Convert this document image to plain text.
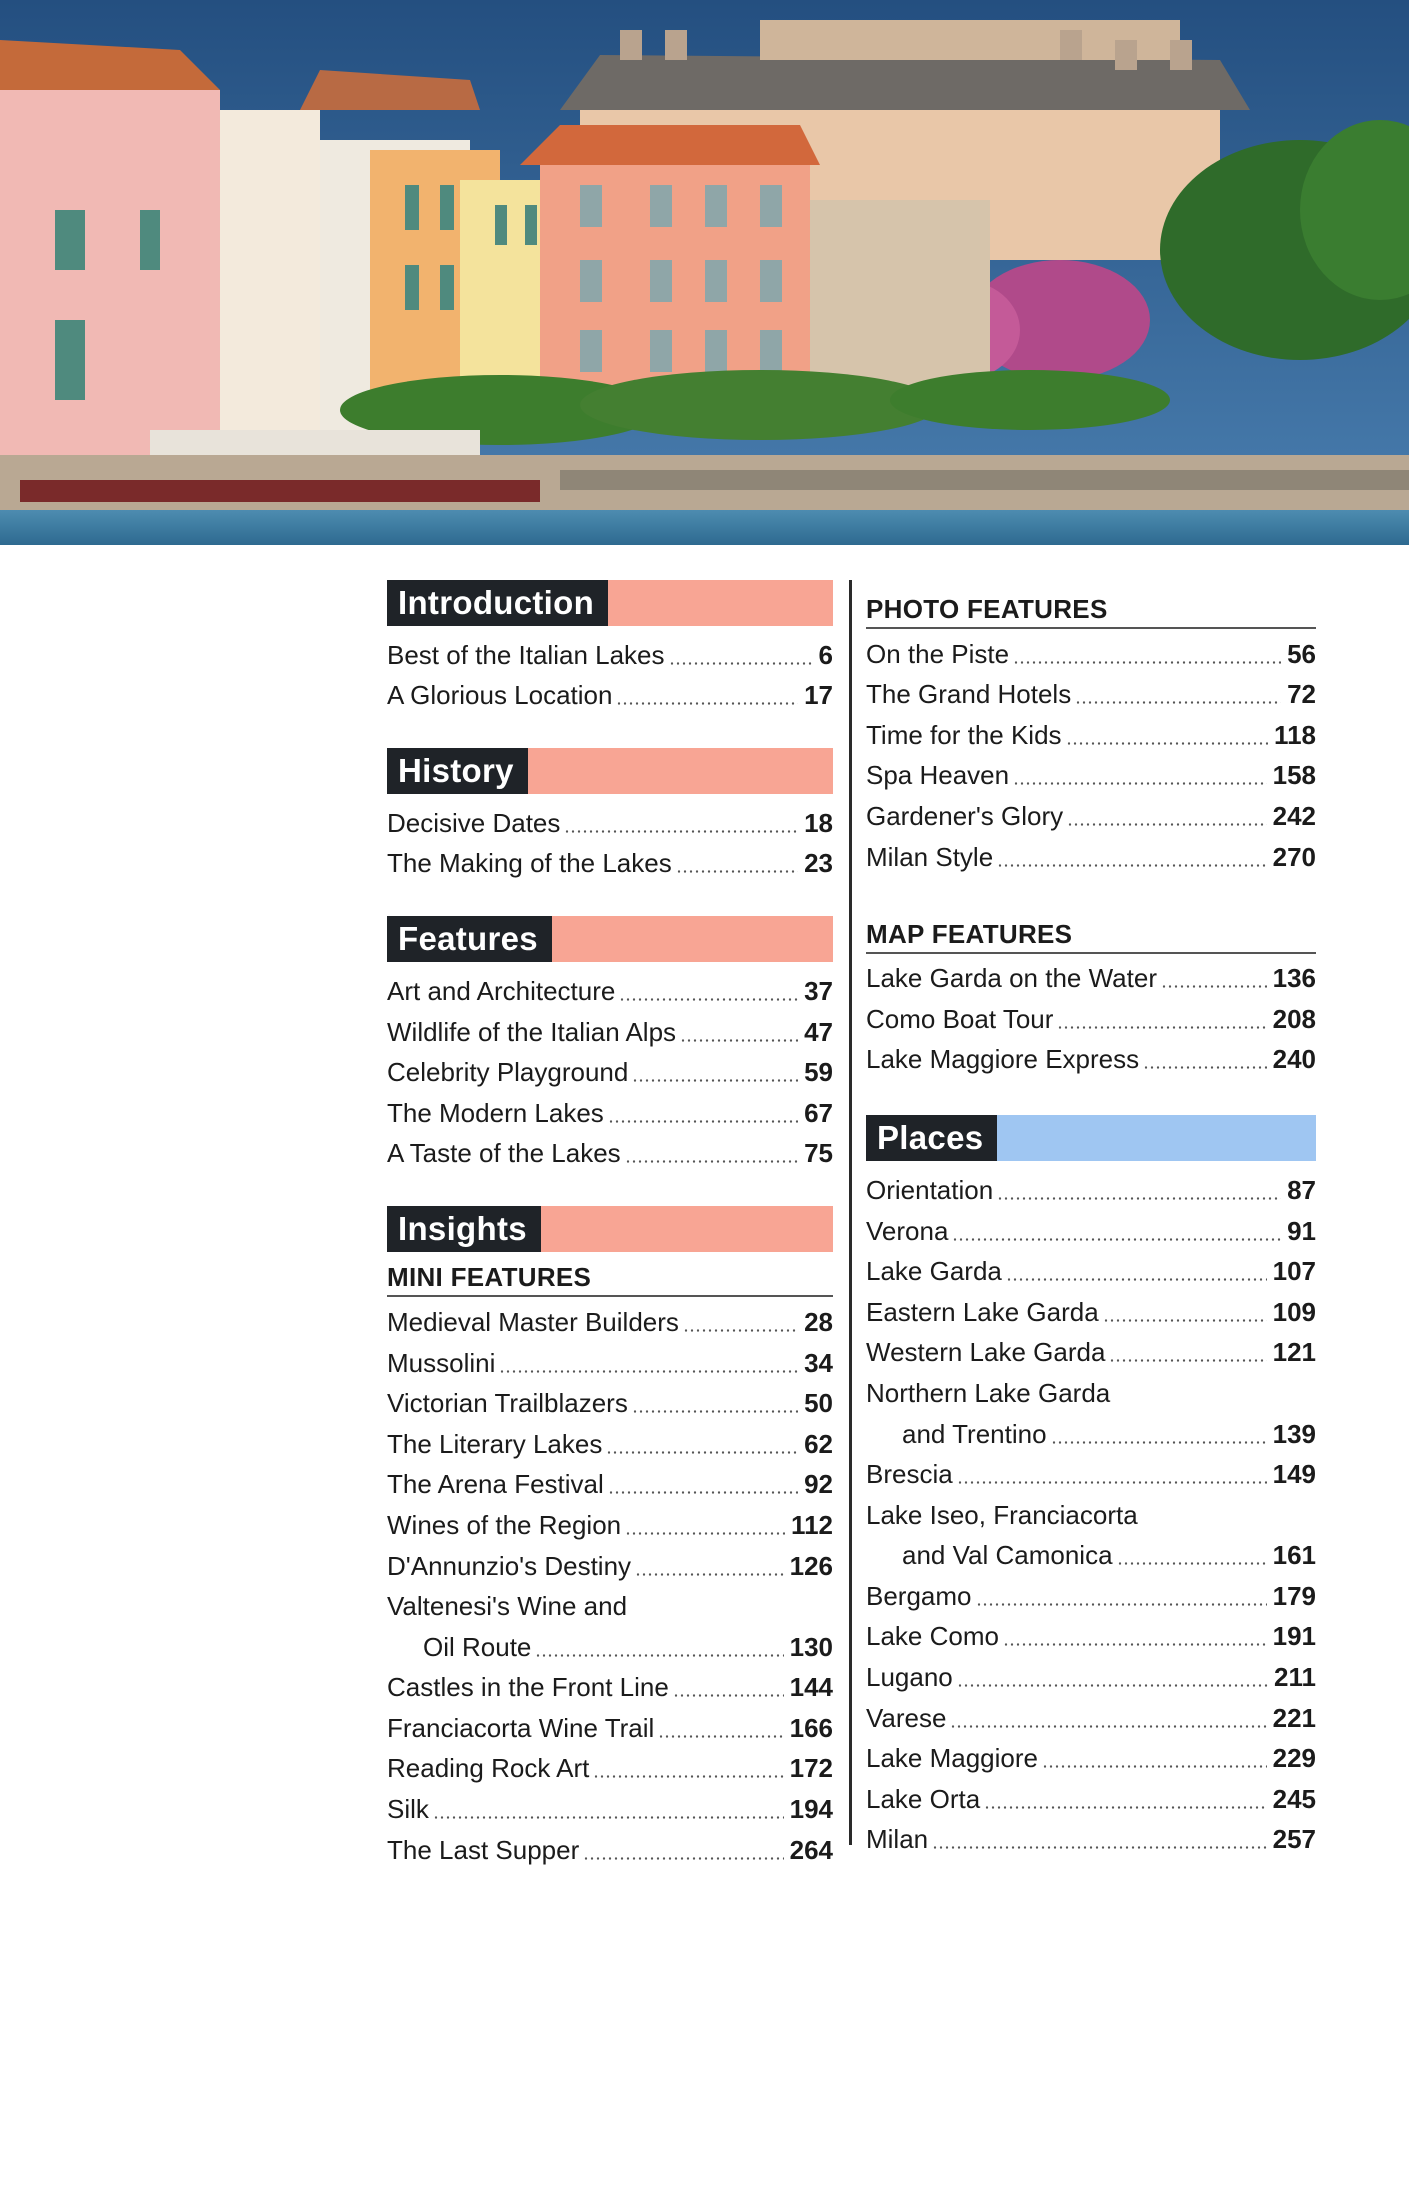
Introduction
Best of the Italian Lakes	6
A Glorious Location	17
History
Decisive Dates	18
The Making of the Lakes	23
Features
Art and Architecture	37
Wildlife of the Italian Alps	47
Celebrity Playground	59
The Modern Lakes	67
A Taste of the Lakes	75
Insights
MINI FEATURES
Medieval Master Builders	28
Mussolini	34
Victorian Trailblazers	50
The Literary Lakes	62
The Arena Festival	92
Wines of the Region	112
D'Annunzio's Destiny	126
Valtenesi's Wine and
Oil Route	130
Castles in the Front Line	144
Franciacorta Wine Trail	166
Reading Rock Art	172
Silk	194
The Last Supper	264
PHOTO FEATURES
On the Piste	56
The Grand Hotels	72
Time for the Kids	118
Spa Heaven	158
Gardener's Glory	242
Milan Style	270
MAP FEATURES
Lake Garda on the Water	136
Como Boat Tour	208
Lake Maggiore Express	240
Places
Orientation	87
Verona	91
Lake Garda	107
Eastern Lake Garda	109
Western Lake Garda	121
Northern Lake Garda
and Trentino	139
Brescia	149
Lake Iseo, Franciacorta
and Val Camonica	161
Bergamo	179
Lake Como	191
Lugano	211
Varese	221
Lake Maggiore	229
Lake Orta	245
Milan	257
